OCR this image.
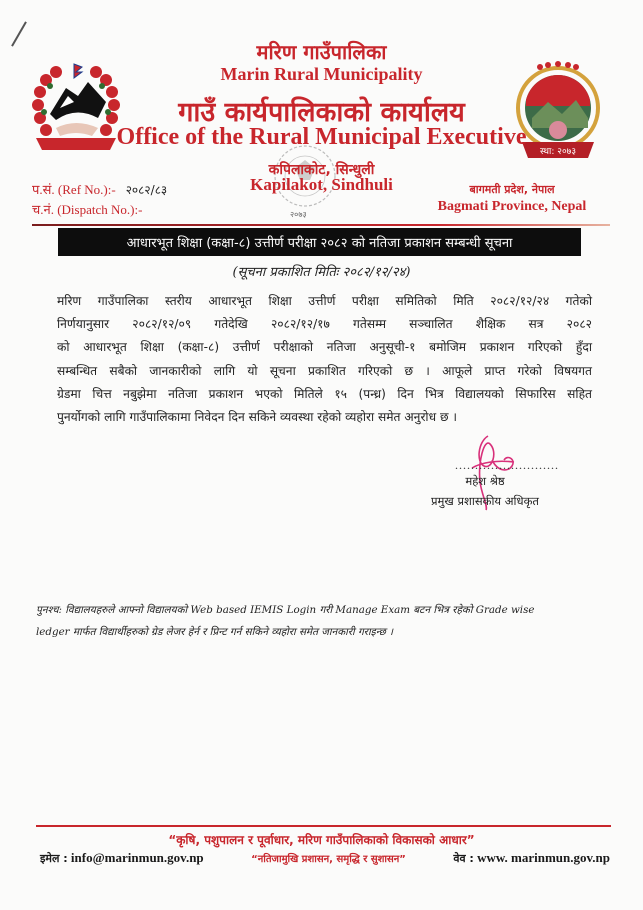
स्था: २०७३
मरिण गाउँपालिका
Marin Rural Municipality
गाउँ कार्यपालिकाको कार्यालय
Office of the Rural Municipal Executive
२०७३
कपिलाकोट, सिन्धुली
Kapilakot, Sindhuli
प.सं. (Ref No.):- २०८२/८३
च.नं. (Dispatch No.):-
बागमती प्रदेश, नेपाल
Bagmati Province, Nepal
आधारभूत शिक्षा (कक्षा-८) उत्तीर्ण परीक्षा २०८२ को नतिजा प्रकाशन सम्बन्धी सूचना
(सूचना प्रकाशित मितिः २०८२/१२/२४)
मरिण गाउँपालिका स्तरीय आधारभूत शिक्षा उत्तीर्ण परीक्षा समितिको मिति २०८२/१२/२४ गतेको
निर्णयानुसार २०८२/१२/०९ गतेदेखि २०८२/१२/१७ गतेसम्म सञ्चालित शैक्षिक सत्र २०८२
को आधारभूत शिक्षा (कक्षा-८) उत्तीर्ण परीक्षाको नतिजा अनुसूची-१ बमोजिम प्रकाशन गरिएको हुँदा
सम्बन्धित सबैको जानकारीको लागि यो सूचना प्रकाशित गरिएको छ । आफूले प्राप्त गरेको विषयगत
ग्रेडमा चित्त नबुझेमा नतिजा प्रकाशन भएको मितिले १५ (पन्ध्र) दिन भित्र विद्यालयको सिफारिस सहित
पुनर्योगको लागि गाउँपालिकामा निवेदन दिन सकिने व्यवस्था रहेको व्यहोरा समेत अनुरोध छ ।
..........................
महेश श्रेष्ठ
प्रमुख प्रशासकीय अधिकृत
पुनश्च: विद्यालयहरुले आफ्नो विद्यालयको Web based IEMIS Login गरी Manage Exam बटन भित्र रहेको Grade wise
ledger मार्फत विद्यार्थीहरुको ग्रेड लेजर हेर्न र प्रिन्ट गर्न सकिने व्यहोरा समेत जानकारी गराइन्छ ।
“कृषि, पशुपालन र पूर्वाधार, मरिण गाउँपालिकाको विकासको आधार”
इमेल : info@marinmun.gov.np	“नतिजामुखि प्रशासन, समृद्धि र सुशासन”	वेव : www. marinmun.gov.np
